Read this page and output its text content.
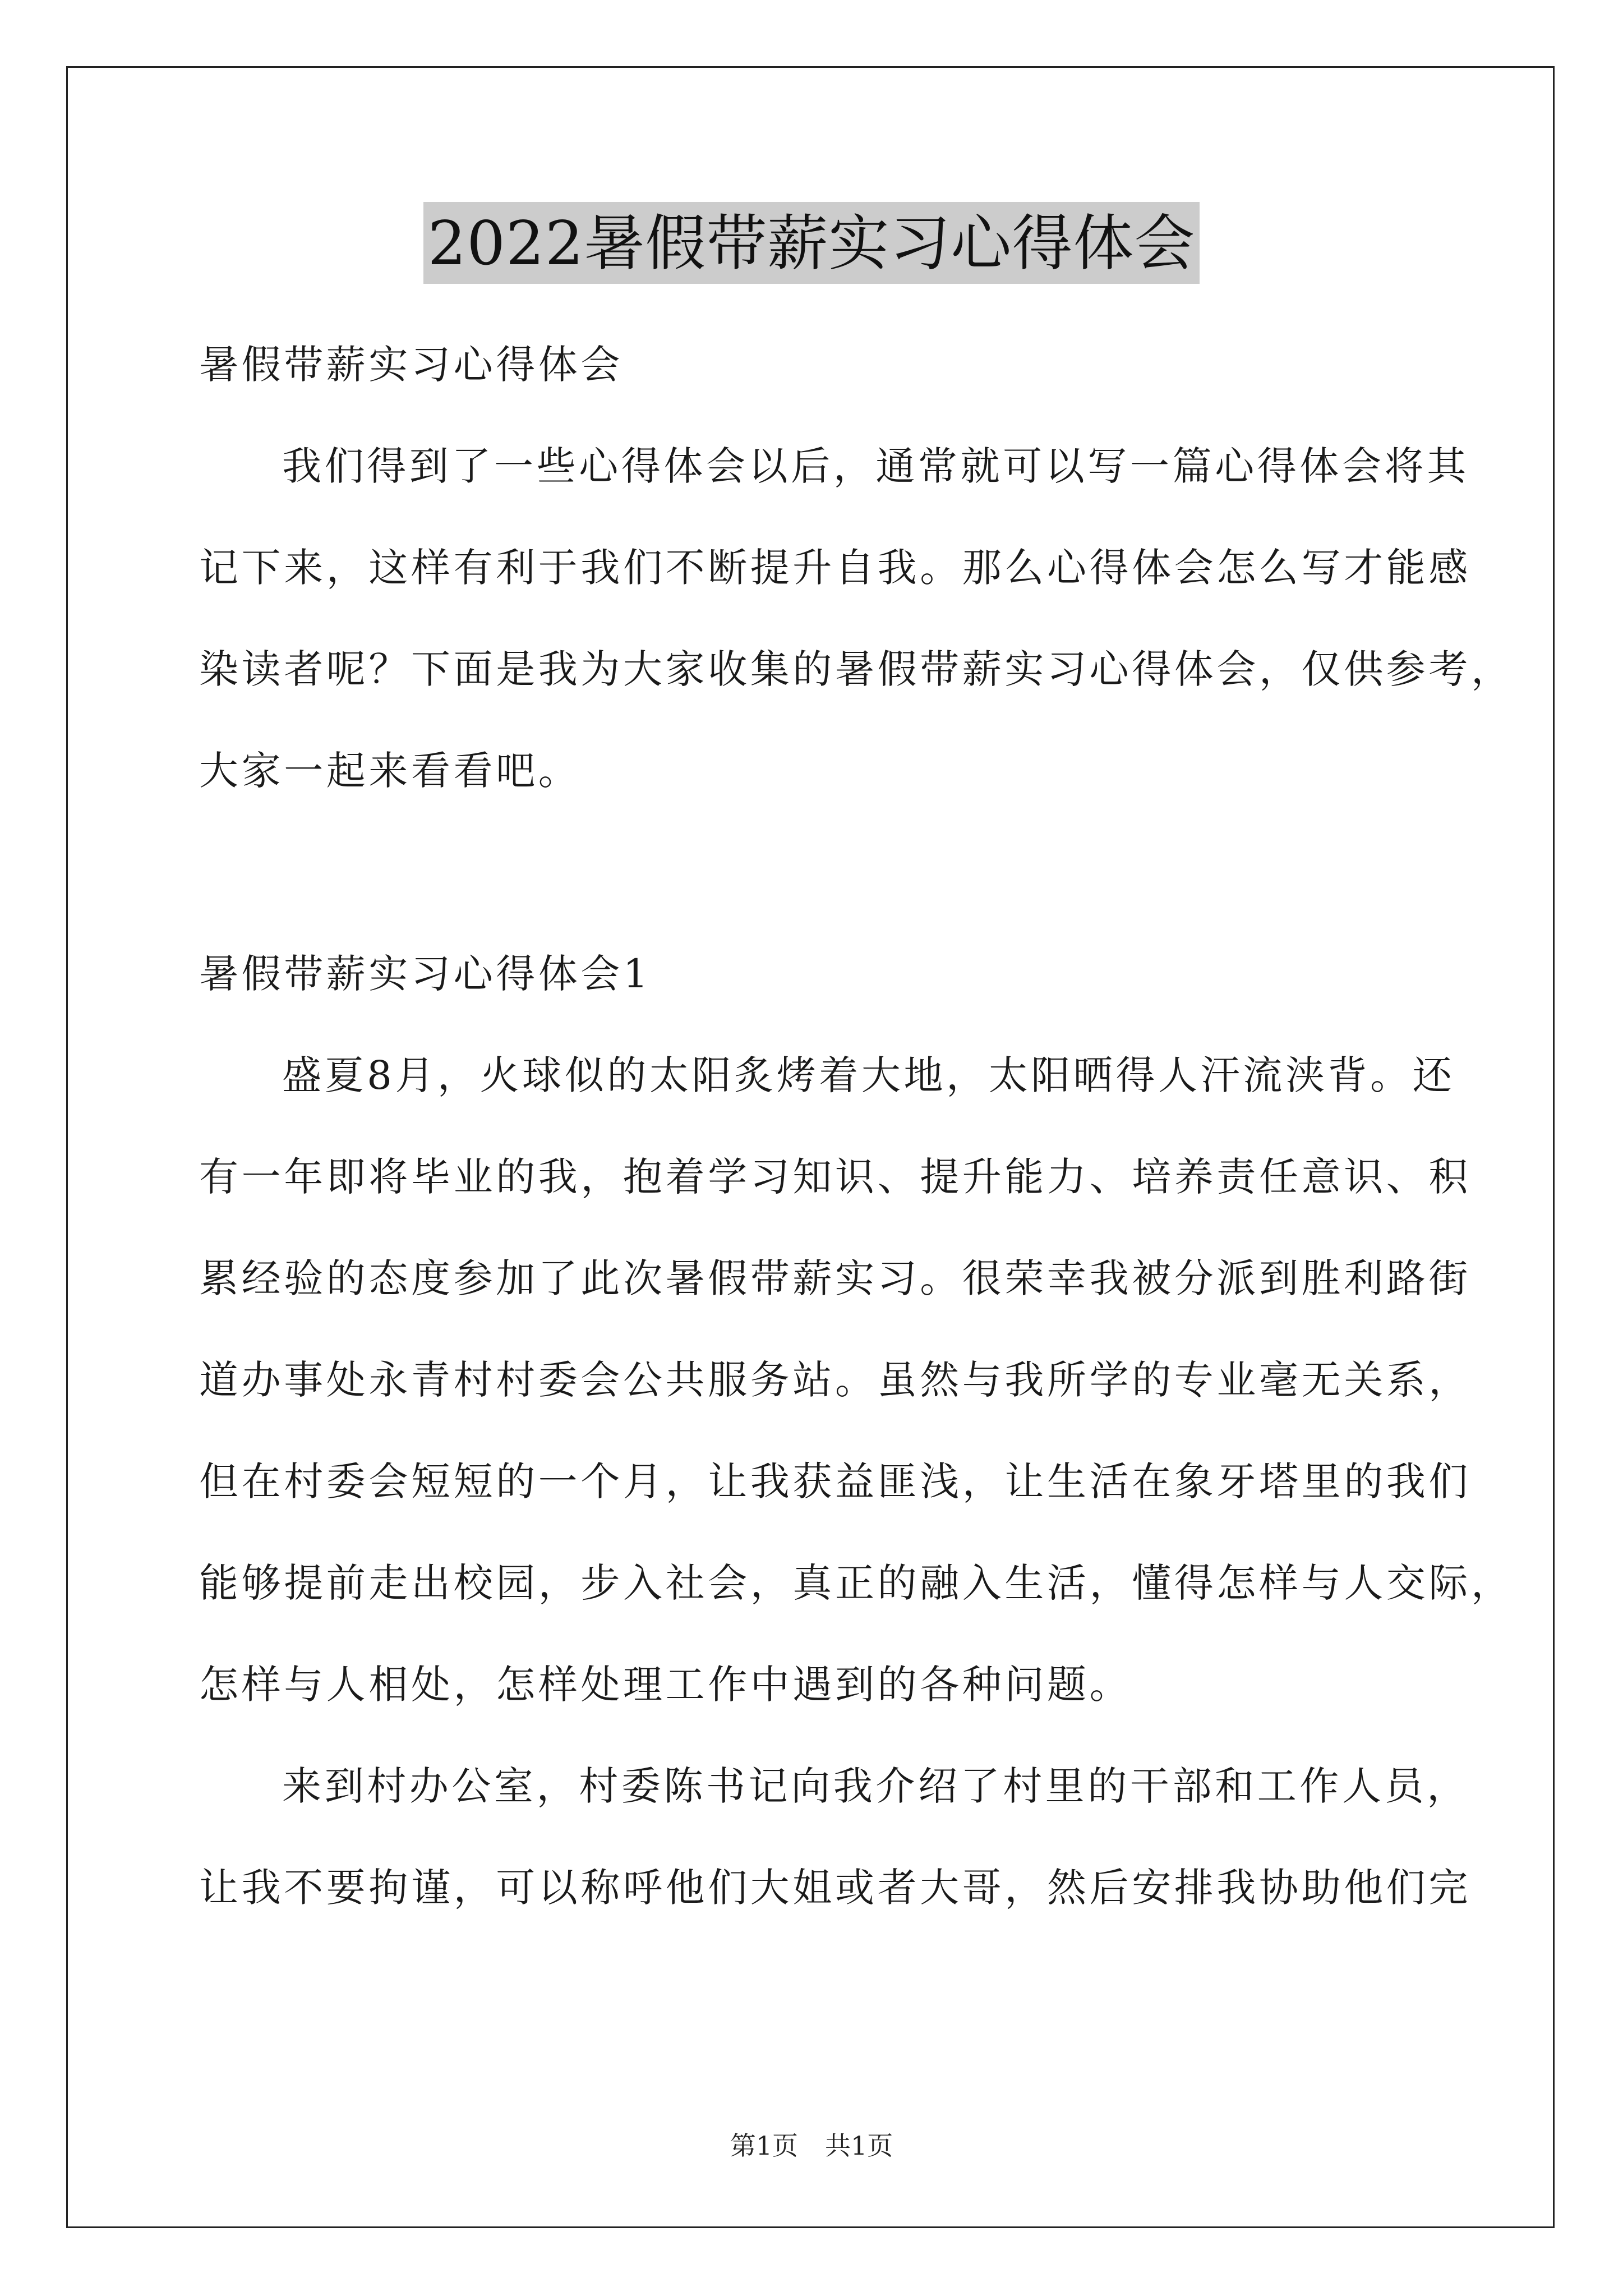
2022暑假带薪实习心得体会
暑假带薪实习心得体会
我们得到了一些心得体会以后，通常就可以写一篇心得体会将其
记下来，这样有利于我们不断提升自我。那么心得体会怎么写才能感
染读者呢？下面是我为大家收集的暑假带薪实习心得体会，仅供参考，
大家一起来看看吧。
暑假带薪实习心得体会1
盛夏8月，火球似的太阳炙烤着大地，太阳晒得人汗流浃背。还
有一年即将毕业的我，抱着学习知识、提升能力、培养责任意识、积
累经验的态度参加了此次暑假带薪实习。很荣幸我被分派到胜利路街
道办事处永青村村委会公共服务站。虽然与我所学的专业毫无关系，
但在村委会短短的一个月，让我获益匪浅，让生活在象牙塔里的我们
能够提前走出校园，步入社会，真正的融入生活，懂得怎样与人交际，
怎样与人相处，怎样处理工作中遇到的各种问题。
来到村办公室，村委陈书记向我介绍了村里的干部和工作人员，
让我不要拘谨，可以称呼他们大姐或者大哥，然后安排我协助他们完
第1页 共1页
